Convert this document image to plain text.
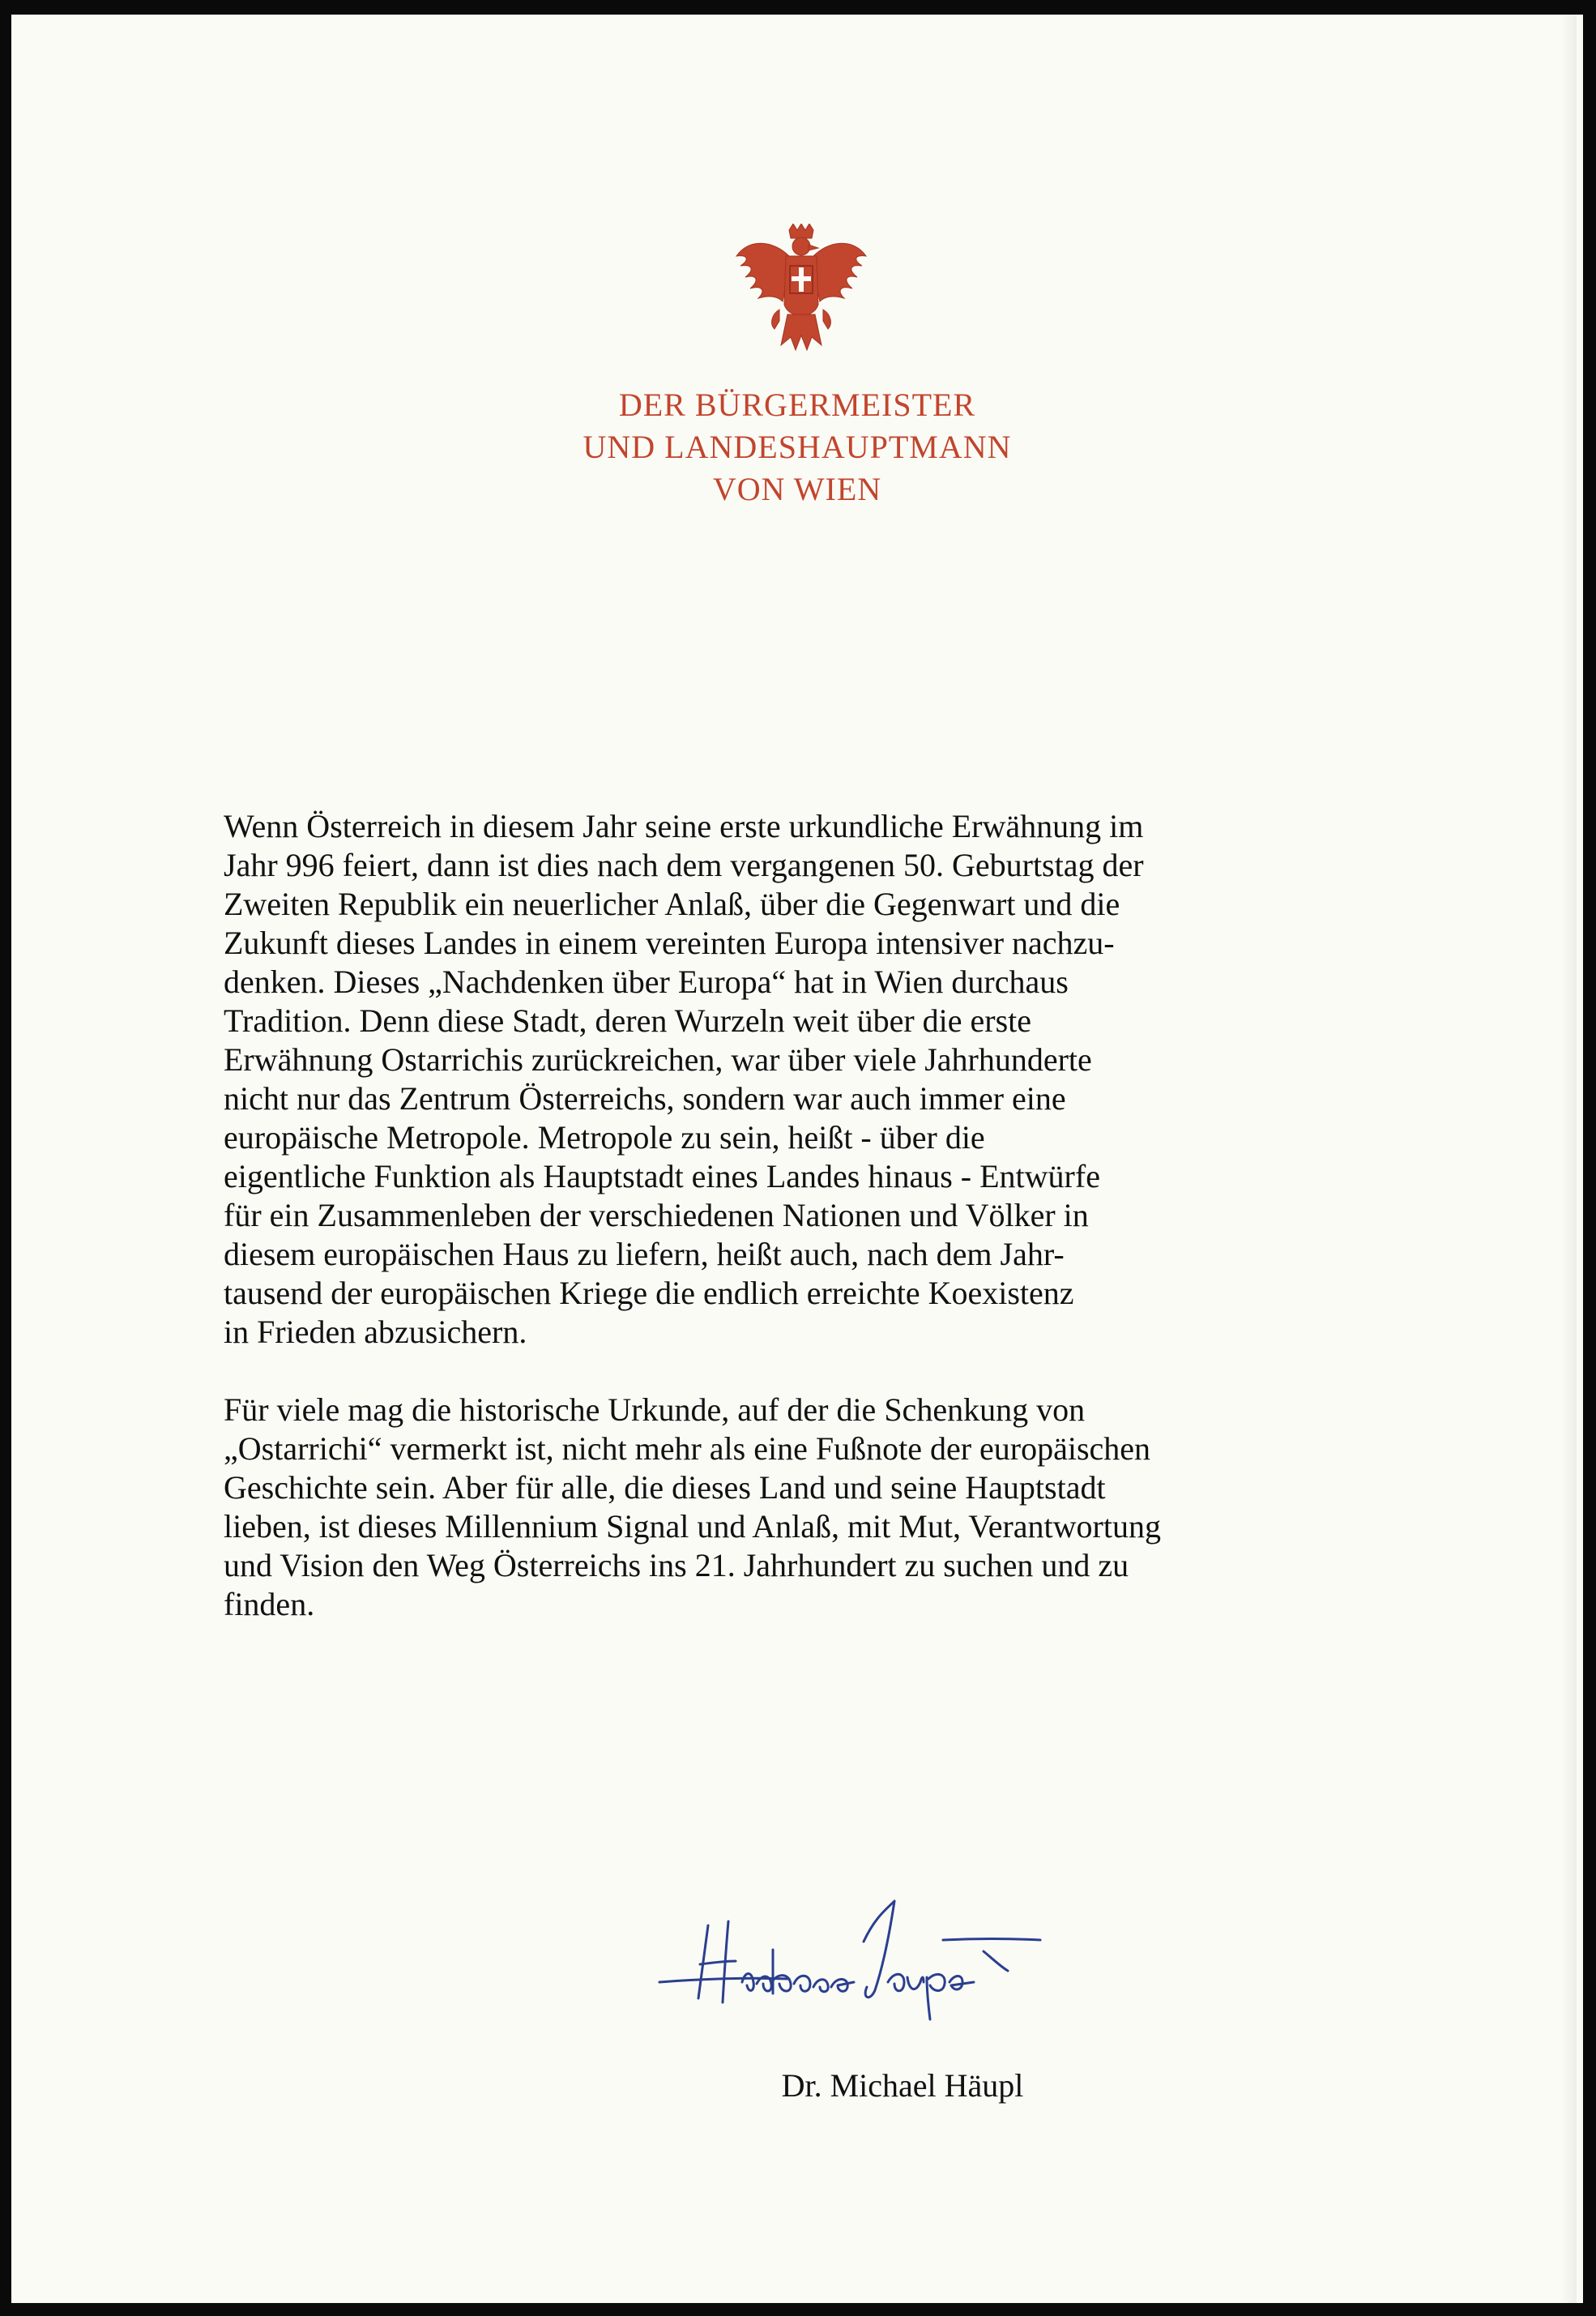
DER BÜRGERMEISTER
UND LANDESHAUPTMANN
VON WIEN

Wenn Österreich in diesem Jahr seine erste urkundliche Erwähnung im
Jahr 996 feiert, dann ist dies nach dem vergangenen 50. Geburtstag der
Zweiten Republik ein neuerlicher Anlaß, über die Gegenwart und die
Zukunft dieses Landes in einem vereinten Europa intensiver nachzu-
denken. Dieses „Nachdenken über Europa“ hat in Wien durchaus
Tradition. Denn diese Stadt, deren Wurzeln weit über die erste
Erwähnung Ostarrichis zurückreichen, war über viele Jahrhunderte
nicht nur das Zentrum Österreichs, sondern war auch immer eine
europäische Metropole. Metropole zu sein, heißt - über die
eigentliche Funktion als Hauptstadt eines Landes hinaus - Entwürfe
für ein Zusammenleben der verschiedenen Nationen und Völker in
diesem europäischen Haus zu liefern, heißt auch, nach dem Jahr-
tausend der europäischen Kriege die endlich erreichte Koexistenz
in Frieden abzusichern.

Für viele mag die historische Urkunde, auf der die Schenkung von
„Ostarrichi“ vermerkt ist, nicht mehr als eine Fußnote der europäischen
Geschichte sein. Aber für alle, die dieses Land und seine Hauptstadt
lieben, ist dieses Millennium Signal und Anlaß, mit Mut, Verantwortung
und Vision den Weg Österreichs ins 21. Jahrhundert zu suchen und zu
finden.

Dr. Michael Häupl
